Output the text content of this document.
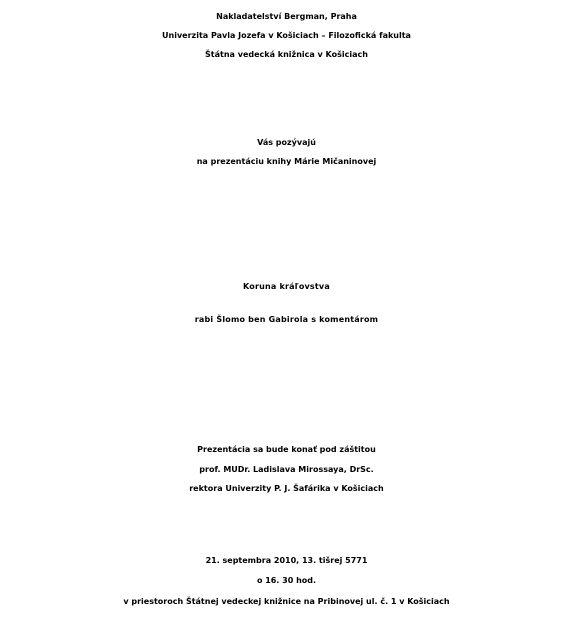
Nakladatelství Bergman, Praha
Univerzita Pavla Jozefa v Košiciach – Filozofická fakulta
Štátna vedecká knižnica v Košiciach
Vás pozývajú
na prezentáciu knihy Márie Mičaninovej
Koruna kráľovstva
rabi Šlomo ben Gabirola s komentárom
Prezentácia sa bude konať pod záštitou
prof. MUDr. Ladislava Mirossaya, DrSc.
rektora Univerzity P. J. Šafárika v Košiciach
21. septembra 2010, 13. tišrej 5771
o 16. 30 hod.
v priestoroch Štátnej vedeckej knižnice na Pribinovej ul. č. 1 v Košiciach
